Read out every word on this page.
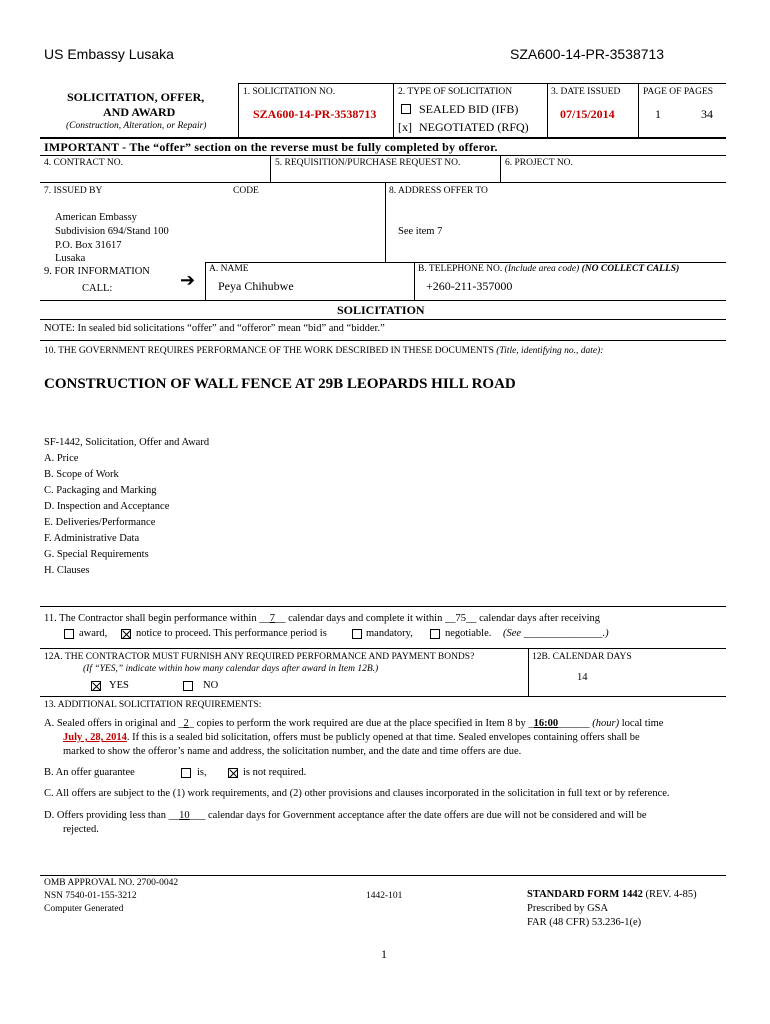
US Embassy Lusaka	SZA600-14-PR-3538713
SOLICITATION, OFFER,
AND AWARD
(Construction, Alteration, or Repair)
1. SOLICITATION NO.
SZA600-14-PR-3538713
2. TYPE OF SOLICITATION
SEALED BID (IFB)
[x] NEGOTIATED (RFQ)
3. DATE ISSUED
07/15/2014
PAGE OF PAGES
1	34
IMPORTANT - The “offer” section on the reverse must be fully completed by offeror.
4. CONTRACT NO.	5. REQUISITION/PURCHASE REQUEST NO.	6. PROJECT NO.
7. ISSUED BY	CODE	8. ADDRESS OFFER TO
American Embassy
Subdivision 694/Stand 100
P.O. Box 31617
Lusaka
See item 7
9. FOR INFORMATION
CALL:	➔
A. NAME
Peya Chihubwe
B. TELEPHONE NO. (Include area code) (NO COLLECT CALLS)
+260-211-357000
SOLICITATION
NOTE: In sealed bid solicitations “offer” and “offeror” mean “bid” and “bidder.”
10. THE GOVERNMENT REQUIRES PERFORMANCE OF THE WORK DESCRIBED IN THESE DOCUMENTS (Title, identifying no., date):
CONSTRUCTION OF WALL FENCE AT 29B LEOPARDS HILL ROAD
SF-1442, Solicitation, Offer and Award
A. Price
B. Scope of Work
C. Packaging and Marking
D. Inspection and Acceptance
E. Deliveries/Performance
F. Administrative Data
G. Special Requirements
H. Clauses
11. The Contractor shall begin performance within __7__ calendar days and complete it within __75__ calendar days after receiving
award,	notice to proceed. This performance period is	mandatory,	negotiable. (See _______________.)
12A. THE CONTRACTOR MUST FURNISH ANY REQUIRED PERFORMANCE AND PAYMENT BONDS?
(If “YES,” indicate within how many calendar days after award in Item 12B.)
YES	NO
12B. CALENDAR DAYS
14
13. ADDITIONAL SOLICITATION REQUIREMENTS:
A. Sealed offers in original and _2_ copies to perform the work required are due at the place specified in Item 8 by _16:00______ (hour) local time
July , 28, 2014. If this is a sealed bid solicitation, offers must be publicly opened at that time. Sealed envelopes containing offers shall be
marked to show the offeror’s name and address, the solicitation number, and the date and time offers are due.
B. An offer guarantee	is,	is not required.
C. All offers are subject to the (1) work requirements, and (2) other provisions and clauses incorporated in the solicitation in full text or by reference.
D. Offers providing less than __10___ calendar days for Government acceptance after the date offers are due will not be considered and will be
rejected.
OMB APPROVAL NO. 2700-0042
NSN 7540-01-155-3212
Computer Generated
1442-101	STANDARD FORM 1442 (REV. 4-85)
Prescribed by GSA
FAR (48 CFR) 53.236-1(e)
1
